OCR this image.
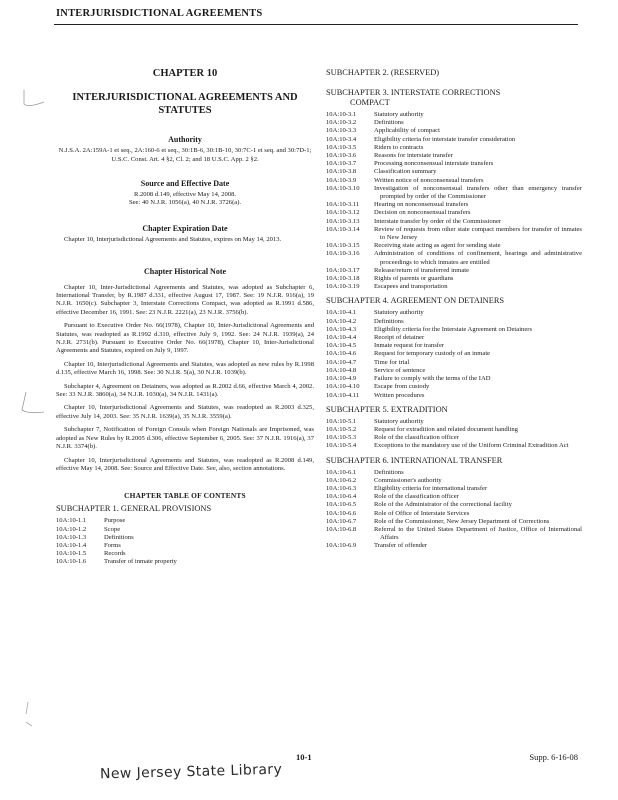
INTERJURISDICTIONAL AGREEMENTS

CHAPTER 10

INTERJURISDICTIONAL AGREEMENTS AND STATUTES

Authority

N.J.S.A. 2A:159A-1 et seq., 2A:160-6 et seq., 30:1B-6, 30:1B-10, 30:7C-1 et seq. and 30:7D-1; U.S.C. Const. Art. 4 §2, Cl. 2; and 18 U.S.C. App. 2 §2.

Source and Effective Date

R.2008 d.149, effective May 14, 2008.

See: 40 N.J.R. 1056(a), 40 N.J.R. 3726(a).

Chapter Expiration Date

Chapter 10, Interjurisdictional Agreements and Statutes, expires on May 14, 2013.

Chapter Historical Note

Chapter 10, Inter-Jurisdictional Agreements and Statutes, was adopted as Subchapter 6, International Transfer, by R.1987 d.331, effective August 17, 1987. See: 19 N.J.R. 916(a), 19 N.J.R. 1650(c). Subchapter 3, Interstate Corrections Compact, was adopted as R.1991 d.586, effective December 16, 1991. See: 23 N.J.R. 2221(a), 23 N.J.R. 3756(b).

Pursuant to Executive Order No. 66(1978), Chapter 10, Inter-Jurisdictional Agreements and Statutes, was readopted as R.1992 d.310, effective July 9, 1992. See: 24 N.J.R. 1939(a), 24 N.J.R. 2731(b). Pursuant to Executive Order No. 66(1978), Chapter 10, Inter-Jurisdictional Agreements and Statutes, expired on July 9, 1997.

Chapter 10, Interjurisdictional Agreements and Statutes, was adopted as new rules by R.1998 d.135, effective March 16, 1998. See: 30 N.J.R. 5(a), 30 N.J.R. 1039(b).

Subchapter 4, Agreement on Detainers, was adopted as R.2002 d.66, effective March 4, 2002. See: 33 N.J.R. 3860(a), 34 N.J.R. 1030(a), 34 N.J.R. 1431(a).

Chapter 10, Interjurisdictional Agreements and Statutes, was readopted as R.2003 d.325, effective July 14, 2003. See: 35 N.J.R. 1639(a), 35 N.J.R. 3559(a).

Subchapter 7, Notification of Foreign Consuls when Foreign Nationals are Imprisoned, was adopted as New Rules by R.2005 d.306, effective September 6, 2005. See: 37 N.J.R. 1916(a), 37 N.J.R. 3374(b).

Chapter 10, Interjurisdictional Agreements and Statutes, was readopted as R.2008 d.149, effective May 14, 2008. See: Source and Effective Date. See, also, section annotations.

CHAPTER TABLE OF CONTENTS

SUBCHAPTER 1. GENERAL PROVISIONS

10A:10-1.1	Purpose
10A:10-1.2	Scope
10A:10-1.3	Definitions
10A:10-1.4	Forms
10A:10-1.5	Records
10A:10-1.6	Transfer of inmate property

SUBCHAPTER 2. (RESERVED)

SUBCHAPTER 3. INTERSTATE CORRECTIONS
COMPACT

10A:10-3.1	Statutory authority
10A:10-3.2	Definitions
10A:10-3.3	Applicability of compact
10A:10-3.4	Eligibility criteria for interstate transfer consideration
10A:10-3.5	Riders to contracts
10A:10-3.6	Reasons for interstate transfer
10A:10-3.7	Processing nonconsensual interstate transfers
10A:10-3.8	Classification summary
10A:10-3.9	Written notice of nonconsensual transfers
10A:10-3.10	Investigation of nonconsensual transfers other than emergency transfer prompted by order of the Commissioner
10A:10-3.11	Hearing on nonconsensual transfers
10A:10-3.12	Decision on nonconsensual transfers
10A:10-3.13	Interstate transfer by order of the Commissioner
10A:10-3.14	Review of requests from other state compact members for transfer of inmates to New Jersey
10A:10-3.15	Receiving state acting as agent for sending state
10A:10-3.16	Administration of conditions of confinement, hearings and administrative proceedings to which inmates are entitled
10A:10-3.17	Release/return of transferred inmate
10A:10-3.18	Rights of parents or guardians
10A:10-3.19	Escapees and transportation

SUBCHAPTER 4. AGREEMENT ON DETAINERS

10A:10-4.1	Statutory authority
10A:10-4.2	Definitions
10A:10-4.3	Eligibility criteria for the Interstate Agreement on Detainers
10A:10-4.4	Receipt of detainer
10A:10-4.5	Inmate request for transfer
10A:10-4.6	Request for temporary custody of an inmate
10A:10-4.7	Time for trial
10A:10-4.8	Service of sentence
10A:10-4.9	Failure to comply with the terms of the IAD
10A:10-4.10	Escape from custody
10A:10-4.11	Written procedures

SUBCHAPTER 5. EXTRADITION

10A:10-5.1	Statutory authority
10A:10-5.2	Request for extradition and related document handling
10A:10-5.3	Role of the classification officer
10A:10-5.4	Exceptions to the mandatory use of the Uniform Criminal Extradition Act

SUBCHAPTER 6. INTERNATIONAL TRANSFER

10A:10-6.1	Definitions
10A:10-6.2	Commissioner's authority
10A:10-6.3	Eligibility criteria for international transfer
10A:10-6.4	Role of the classification officer
10A:10-6.5	Role of the Administrator of the correctional facility
10A:10-6.6	Role of Office of Interstate Services
10A:10-6.7	Role of the Commissioner, New Jersey Department of Corrections
10A:10-6.8	Referral to the United States Department of Justice, Office of International Affairs
10A:10-6.9	Transfer of offender
10-1	Supp. 6-16-08
New Jersey State Library
